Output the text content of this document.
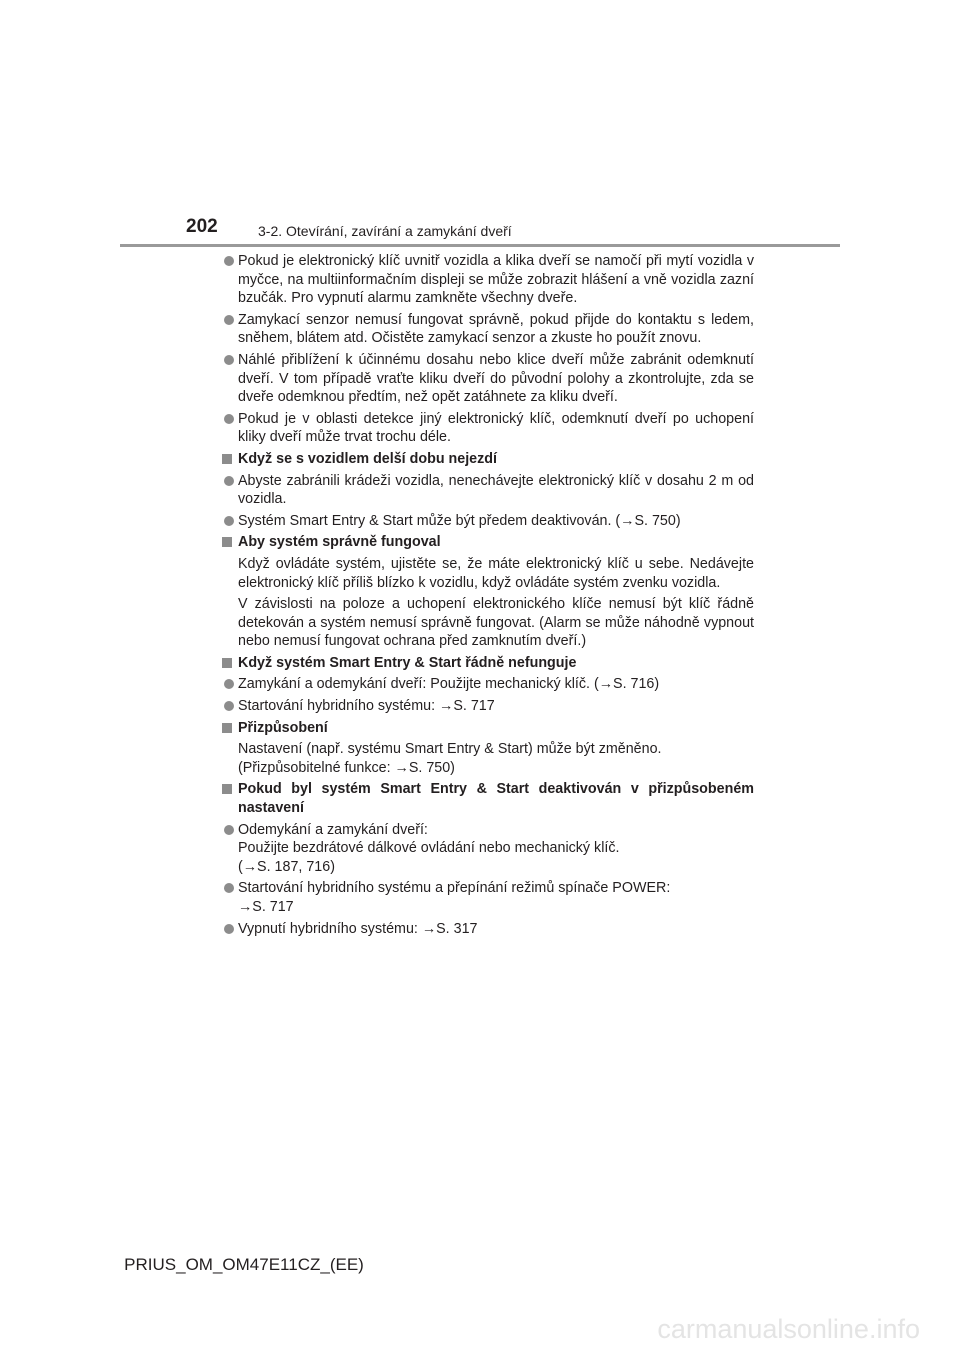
202	3-2. Otevírání, zavírání a zamykání dveří
Pokud je elektronický klíč uvnitř vozidla a klika dveří se namočí při mytí vozidla v myčce, na multiinformačním displeji se může zobrazit hlášení a vně vozidla zazní bzučák. Pro vypnutí alarmu zamkněte všechny dveře.
Zamykací senzor nemusí fungovat správně, pokud přijde do kontaktu s ledem, sněhem, blátem atd. Očistěte zamykací senzor a zkuste ho použít znovu.
Náhlé přiblížení k účinnému dosahu nebo klice dveří může zabránit odemknutí dveří. V tom případě vraťte kliku dveří do původní polohy a zkontrolujte, zda se dveře odemknou předtím, než opět zatáhnete za kliku dveří.
Pokud je v oblasti detekce jiný elektronický klíč, odemknutí dveří po uchopení kliky dveří může trvat trochu déle.
Když se s vozidlem delší dobu nejezdí
Abyste zabránili krádeži vozidla, nenechávejte elektronický klíč v dosahu 2 m od vozidla.
Systém Smart Entry & Start může být předem deaktivován. (→S. 750)
Aby systém správně fungoval
Když ovládáte systém, ujistěte se, že máte elektronický klíč u sebe. Nedávejte elektronický klíč příliš blízko k vozidlu, když ovládáte systém zvenku vozidla.
V závislosti na poloze a uchopení elektronického klíče nemusí být klíč řádně detekován a systém nemusí správně fungovat. (Alarm se může náhodně vypnout nebo nemusí fungovat ochrana před zamknutím dveří.)
Když systém Smart Entry & Start řádně nefunguje
Zamykání a odemykání dveří: Použijte mechanický klíč. (→S. 716)
Startování hybridního systému: →S. 717
Přizpůsobení
Nastavení (např. systému Smart Entry & Start) může být změněno.
(Přizpůsobitelné funkce: →S. 750)
Pokud byl systém Smart Entry & Start deaktivován v přizpůsobeném nastavení
Odemykání a zamykání dveří:
Použijte bezdrátové dálkové ovládání nebo mechanický klíč.
(→S. 187, 716)
Startování hybridního systému a přepínání režimů spínače POWER:
→S. 717
Vypnutí hybridního systému: →S. 317
PRIUS_OM_OM47E11CZ_(EE)
carmanualsonline.info
